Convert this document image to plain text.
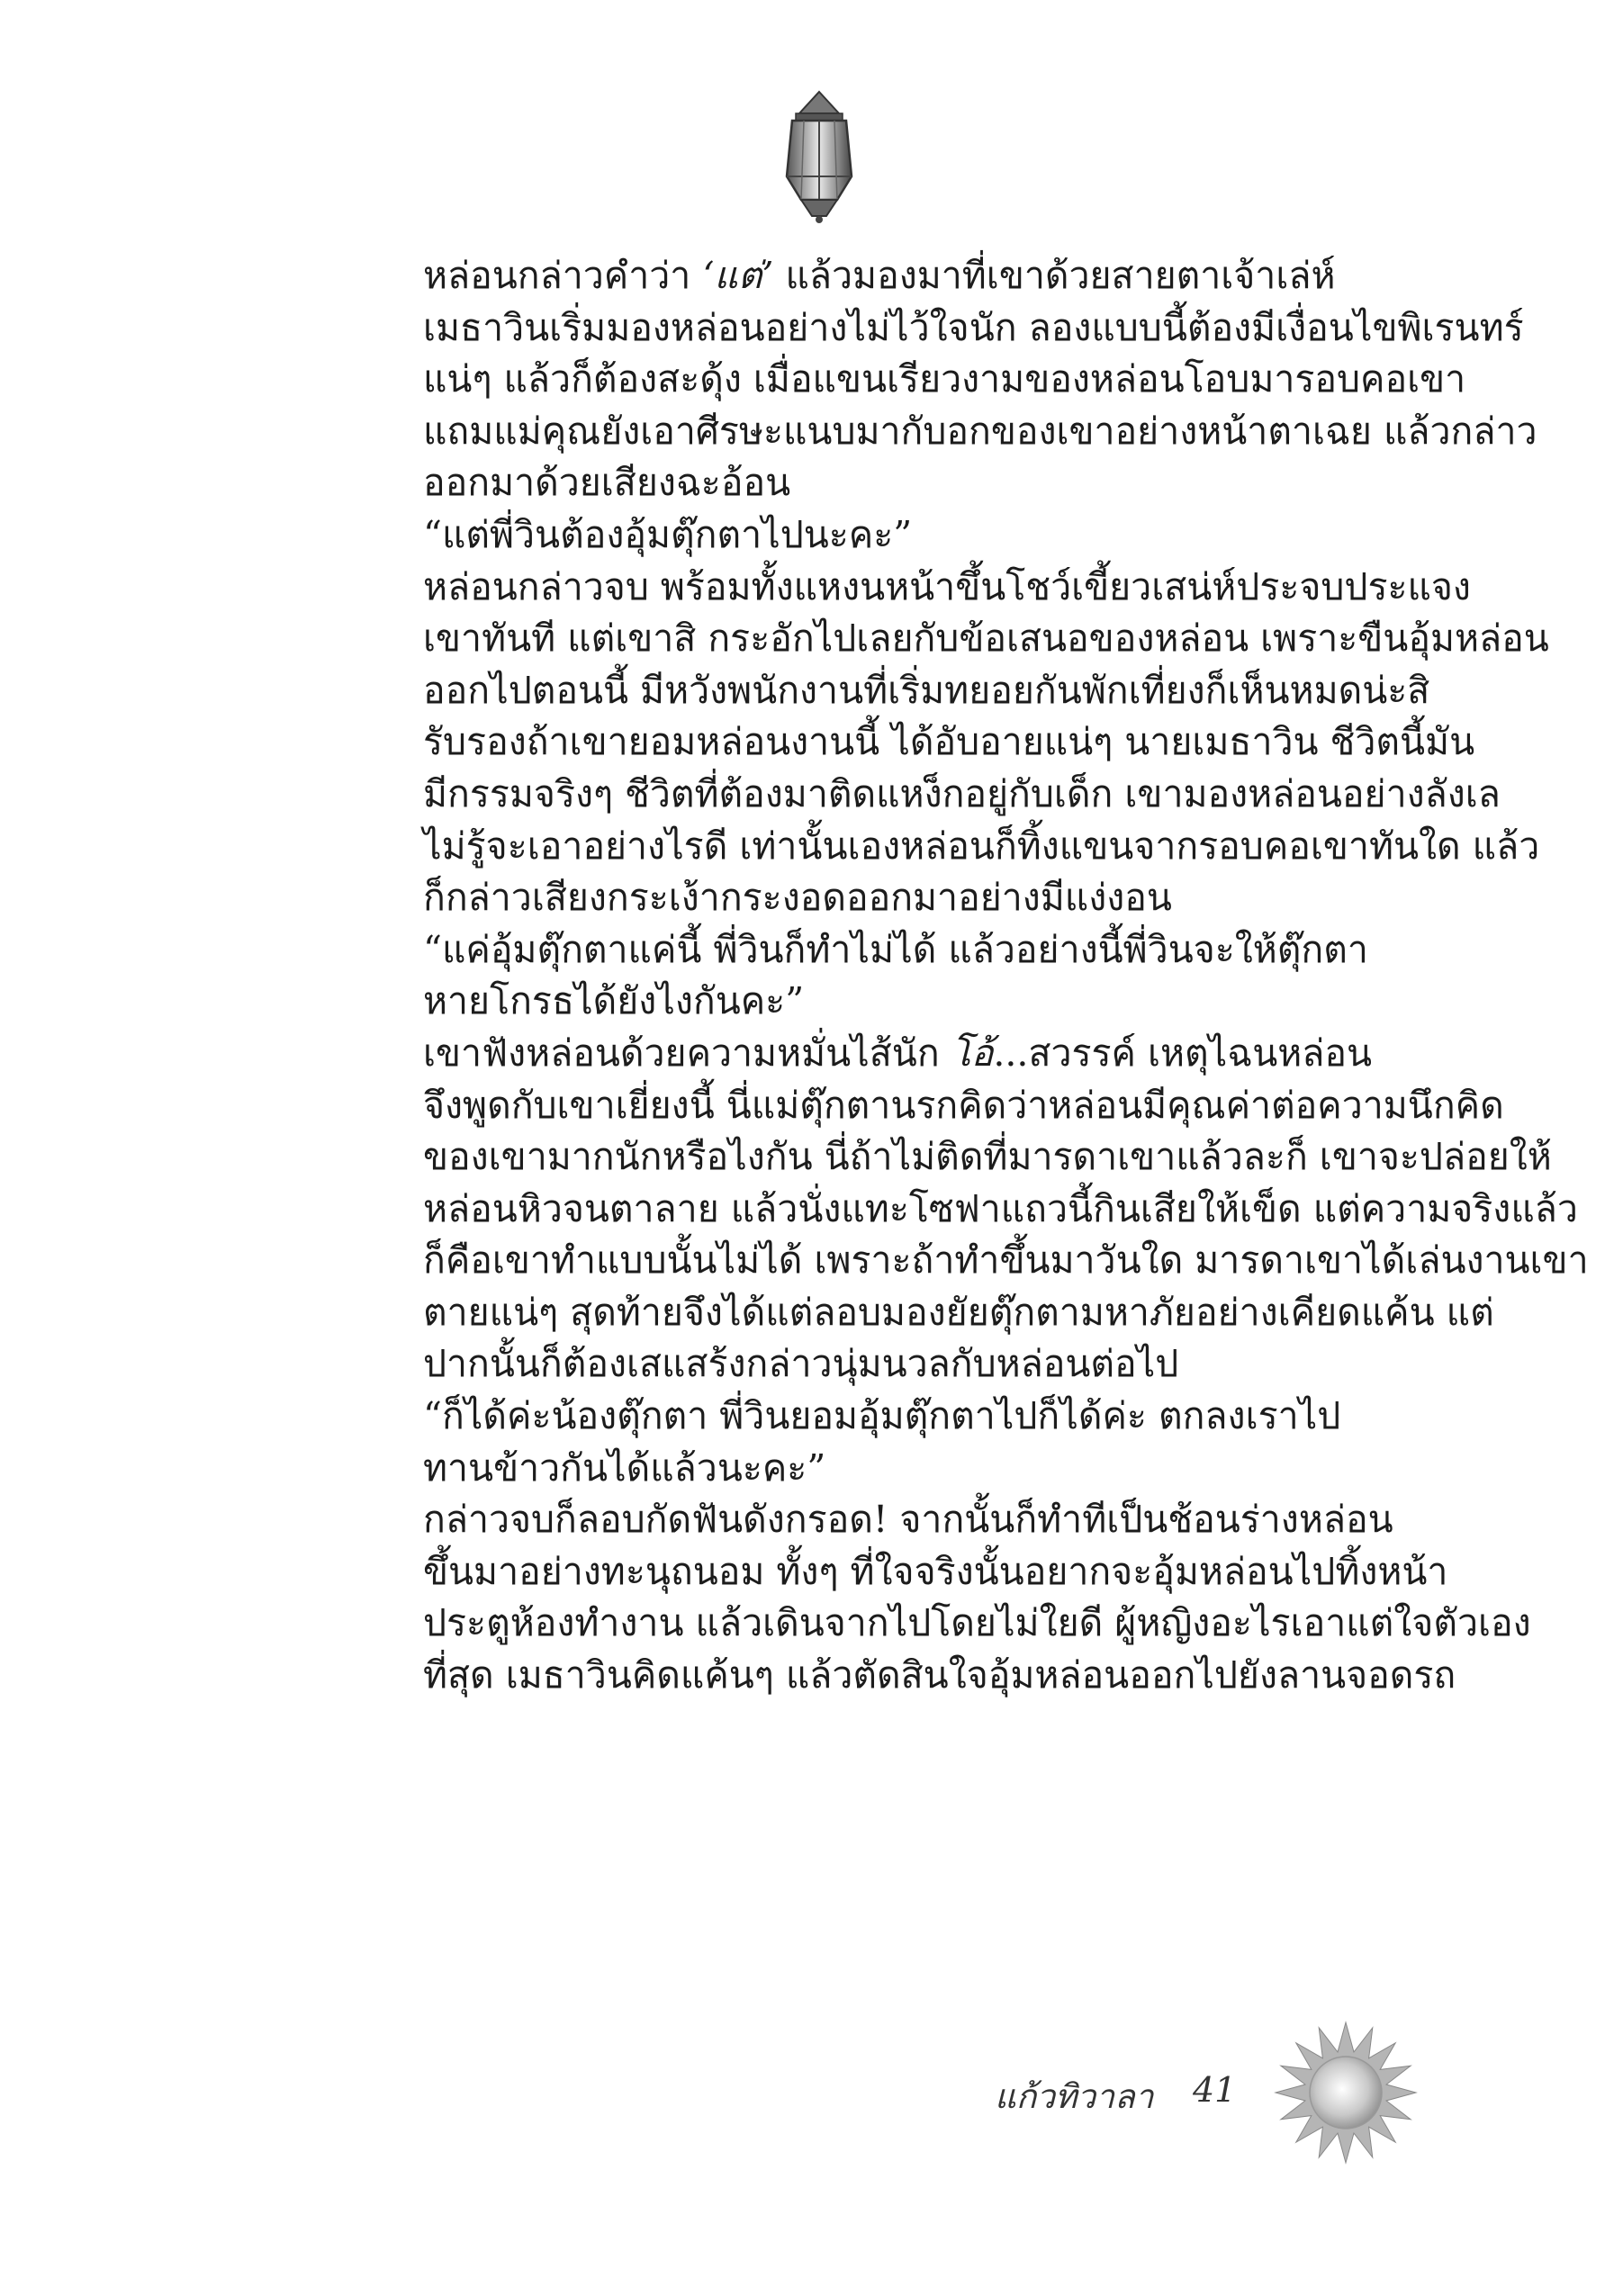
หล่อนกล่าวคำว่า ‘แต่’ แล้วมองมาที่เขาด้วยสายตาเจ้าเล่ห์
เมธาวินเริ่มมองหล่อนอย่างไม่ไว้ใจนัก ลองแบบนี้ต้องมีเงื่อนไขพิเรนทร์
แน่ๆ แล้วก็ต้องสะดุ้ง เมื่อแขนเรียวงามของหล่อนโอบมารอบคอเขา
แถมแม่คุณยังเอาศีรษะแนบมากับอกของเขาอย่างหน้าตาเฉย แล้วกล่าว
ออกมาด้วยเสียงฉะอ้อน

“แต่พี่วินต้องอุ้มตุ๊กตาไปนะคะ”

หล่อนกล่าวจบ พร้อมทั้งแหงนหน้าขึ้นโชว์เขี้ยวเสน่ห์ประจบประแจง
เขาทันที แต่เขาสิ กระอักไปเลยกับข้อเสนอของหล่อน เพราะขืนอุ้มหล่อน
ออกไปตอนนี้ มีหวังพนักงานที่เริ่มทยอยกันพักเที่ยงก็เห็นหมดน่ะสิ
รับรองถ้าเขายอมหล่อนงานนี้ ได้อับอายแน่ๆ นายเมธาวิน ชีวิตนี้มัน
มีกรรมจริงๆ ชีวิตที่ต้องมาติดแหง็กอยู่กับเด็ก เขามองหล่อนอย่างลังเล
ไม่รู้จะเอาอย่างไรดี เท่านั้นเองหล่อนก็ทิ้งแขนจากรอบคอเขาทันใด แล้ว
ก็กล่าวเสียงกระเง้ากระงอดออกมาอย่างมีแง่งอน

“แค่อุ้มตุ๊กตาแค่นี้ พี่วินก็ทำไม่ได้ แล้วอย่างนี้พี่วินจะให้ตุ๊กตา
หายโกรธได้ยังไงกันคะ”

เขาฟังหล่อนด้วยความหมั่นไส้นัก โอ้...สวรรค์ เหตุไฉนหล่อน
จึงพูดกับเขาเยี่ยงนี้ นี่แม่ตุ๊กตานรกคิดว่าหล่อนมีคุณค่าต่อความนึกคิด
ของเขามากนักหรือไงกัน นี่ถ้าไม่ติดที่มารดาเขาแล้วละก็ เขาจะปล่อยให้
หล่อนหิวจนตาลาย แล้วนั่งแทะโซฟาแถวนี้กินเสียให้เข็ด แต่ความจริงแล้ว
ก็คือเขาทำแบบนั้นไม่ได้ เพราะถ้าทำขึ้นมาวันใด มารดาเขาได้เล่นงานเขา
ตายแน่ๆ สุดท้ายจึงได้แต่ลอบมองยัยตุ๊กตามหาภัยอย่างเคียดแค้น แต่
ปากนั้นก็ต้องเสแสร้งกล่าวนุ่มนวลกับหล่อนต่อไป

“ก็ได้ค่ะน้องตุ๊กตา พี่วินยอมอุ้มตุ๊กตาไปก็ได้ค่ะ ตกลงเราไป
ทานข้าวกันได้แล้วนะคะ”

กล่าวจบก็ลอบกัดฟันดังกรอด! จากนั้นก็ทำทีเป็นช้อนร่างหล่อน
ขึ้นมาอย่างทะนุถนอม ทั้งๆ ที่ใจจริงนั้นอยากจะอุ้มหล่อนไปทิ้งหน้า
ประตูห้องทำงาน แล้วเดินจากไปโดยไม่ใยดี ผู้หญิงอะไรเอาแต่ใจตัวเอง
ที่สุด เมธาวินคิดแค้นๆ แล้วตัดสินใจอุ้มหล่อนออกไปยังลานจอดรถ

แก้วทิวาลา 41
